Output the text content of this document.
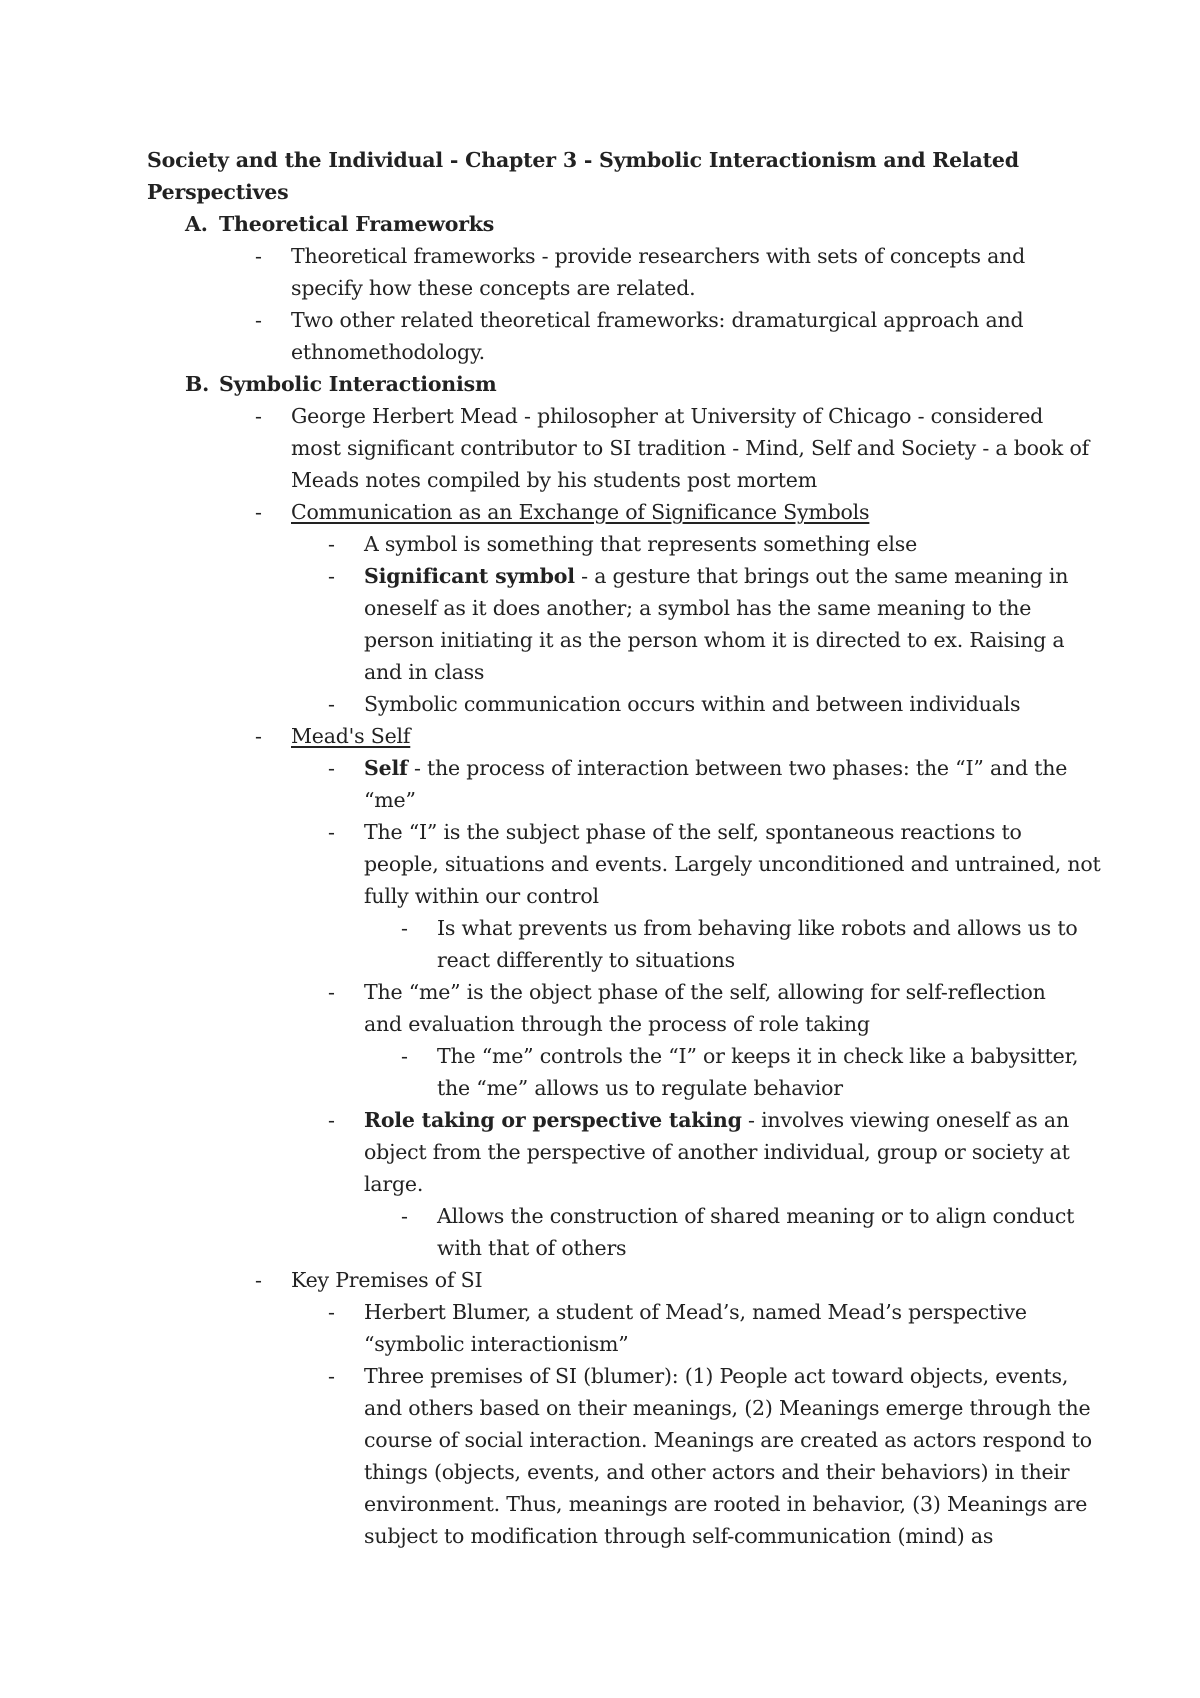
Society and the Individual - Chapter 3 - Symbolic Interactionism and Related
Perspectives
A. Theoretical Frameworks
- Theoretical frameworks - provide researchers with sets of concepts and
specify how these concepts are related.
- Two other related theoretical frameworks: dramaturgical approach and
ethnomethodology.
B. Symbolic Interactionism
- George Herbert Mead - philosopher at University of Chicago - considered
most significant contributor to SI tradition - Mind, Self and Society - a book of
Meads notes compiled by his students post mortem
- Communication as an Exchange of Significance Symbols
- A symbol is something that represents something else
- Significant symbol - a gesture that brings out the same meaning in
oneself as it does another; a symbol has the same meaning to the
person initiating it as the person whom it is directed to ex. Raising a
and in class
- Symbolic communication occurs within and between individuals
- Mead's Self
- Self - the process of interaction between two phases: the “I” and the
“me”
- The “I” is the subject phase of the self, spontaneous reactions to
people, situations and events. Largely unconditioned and untrained, not
fully within our control
- Is what prevents us from behaving like robots and allows us to
react differently to situations
- The “me” is the object phase of the self, allowing for self-reflection
and evaluation through the process of role taking
- The “me” controls the “I” or keeps it in check like a babysitter,
the “me” allows us to regulate behavior
- Role taking or perspective taking - involves viewing oneself as an
object from the perspective of another individual, group or society at
large.
- Allows the construction of shared meaning or to align conduct
with that of others
- Key Premises of SI
- Herbert Blumer, a student of Mead’s, named Mead’s perspective
“symbolic interactionism”
- Three premises of SI (blumer): (1) People act toward objects, events,
and others based on their meanings, (2) Meanings emerge through the
course of social interaction. Meanings are created as actors respond to
things (objects, events, and other actors and their behaviors) in their
environment. Thus, meanings are rooted in behavior, (3) Meanings are
subject to modification through self-communication (mind) as
